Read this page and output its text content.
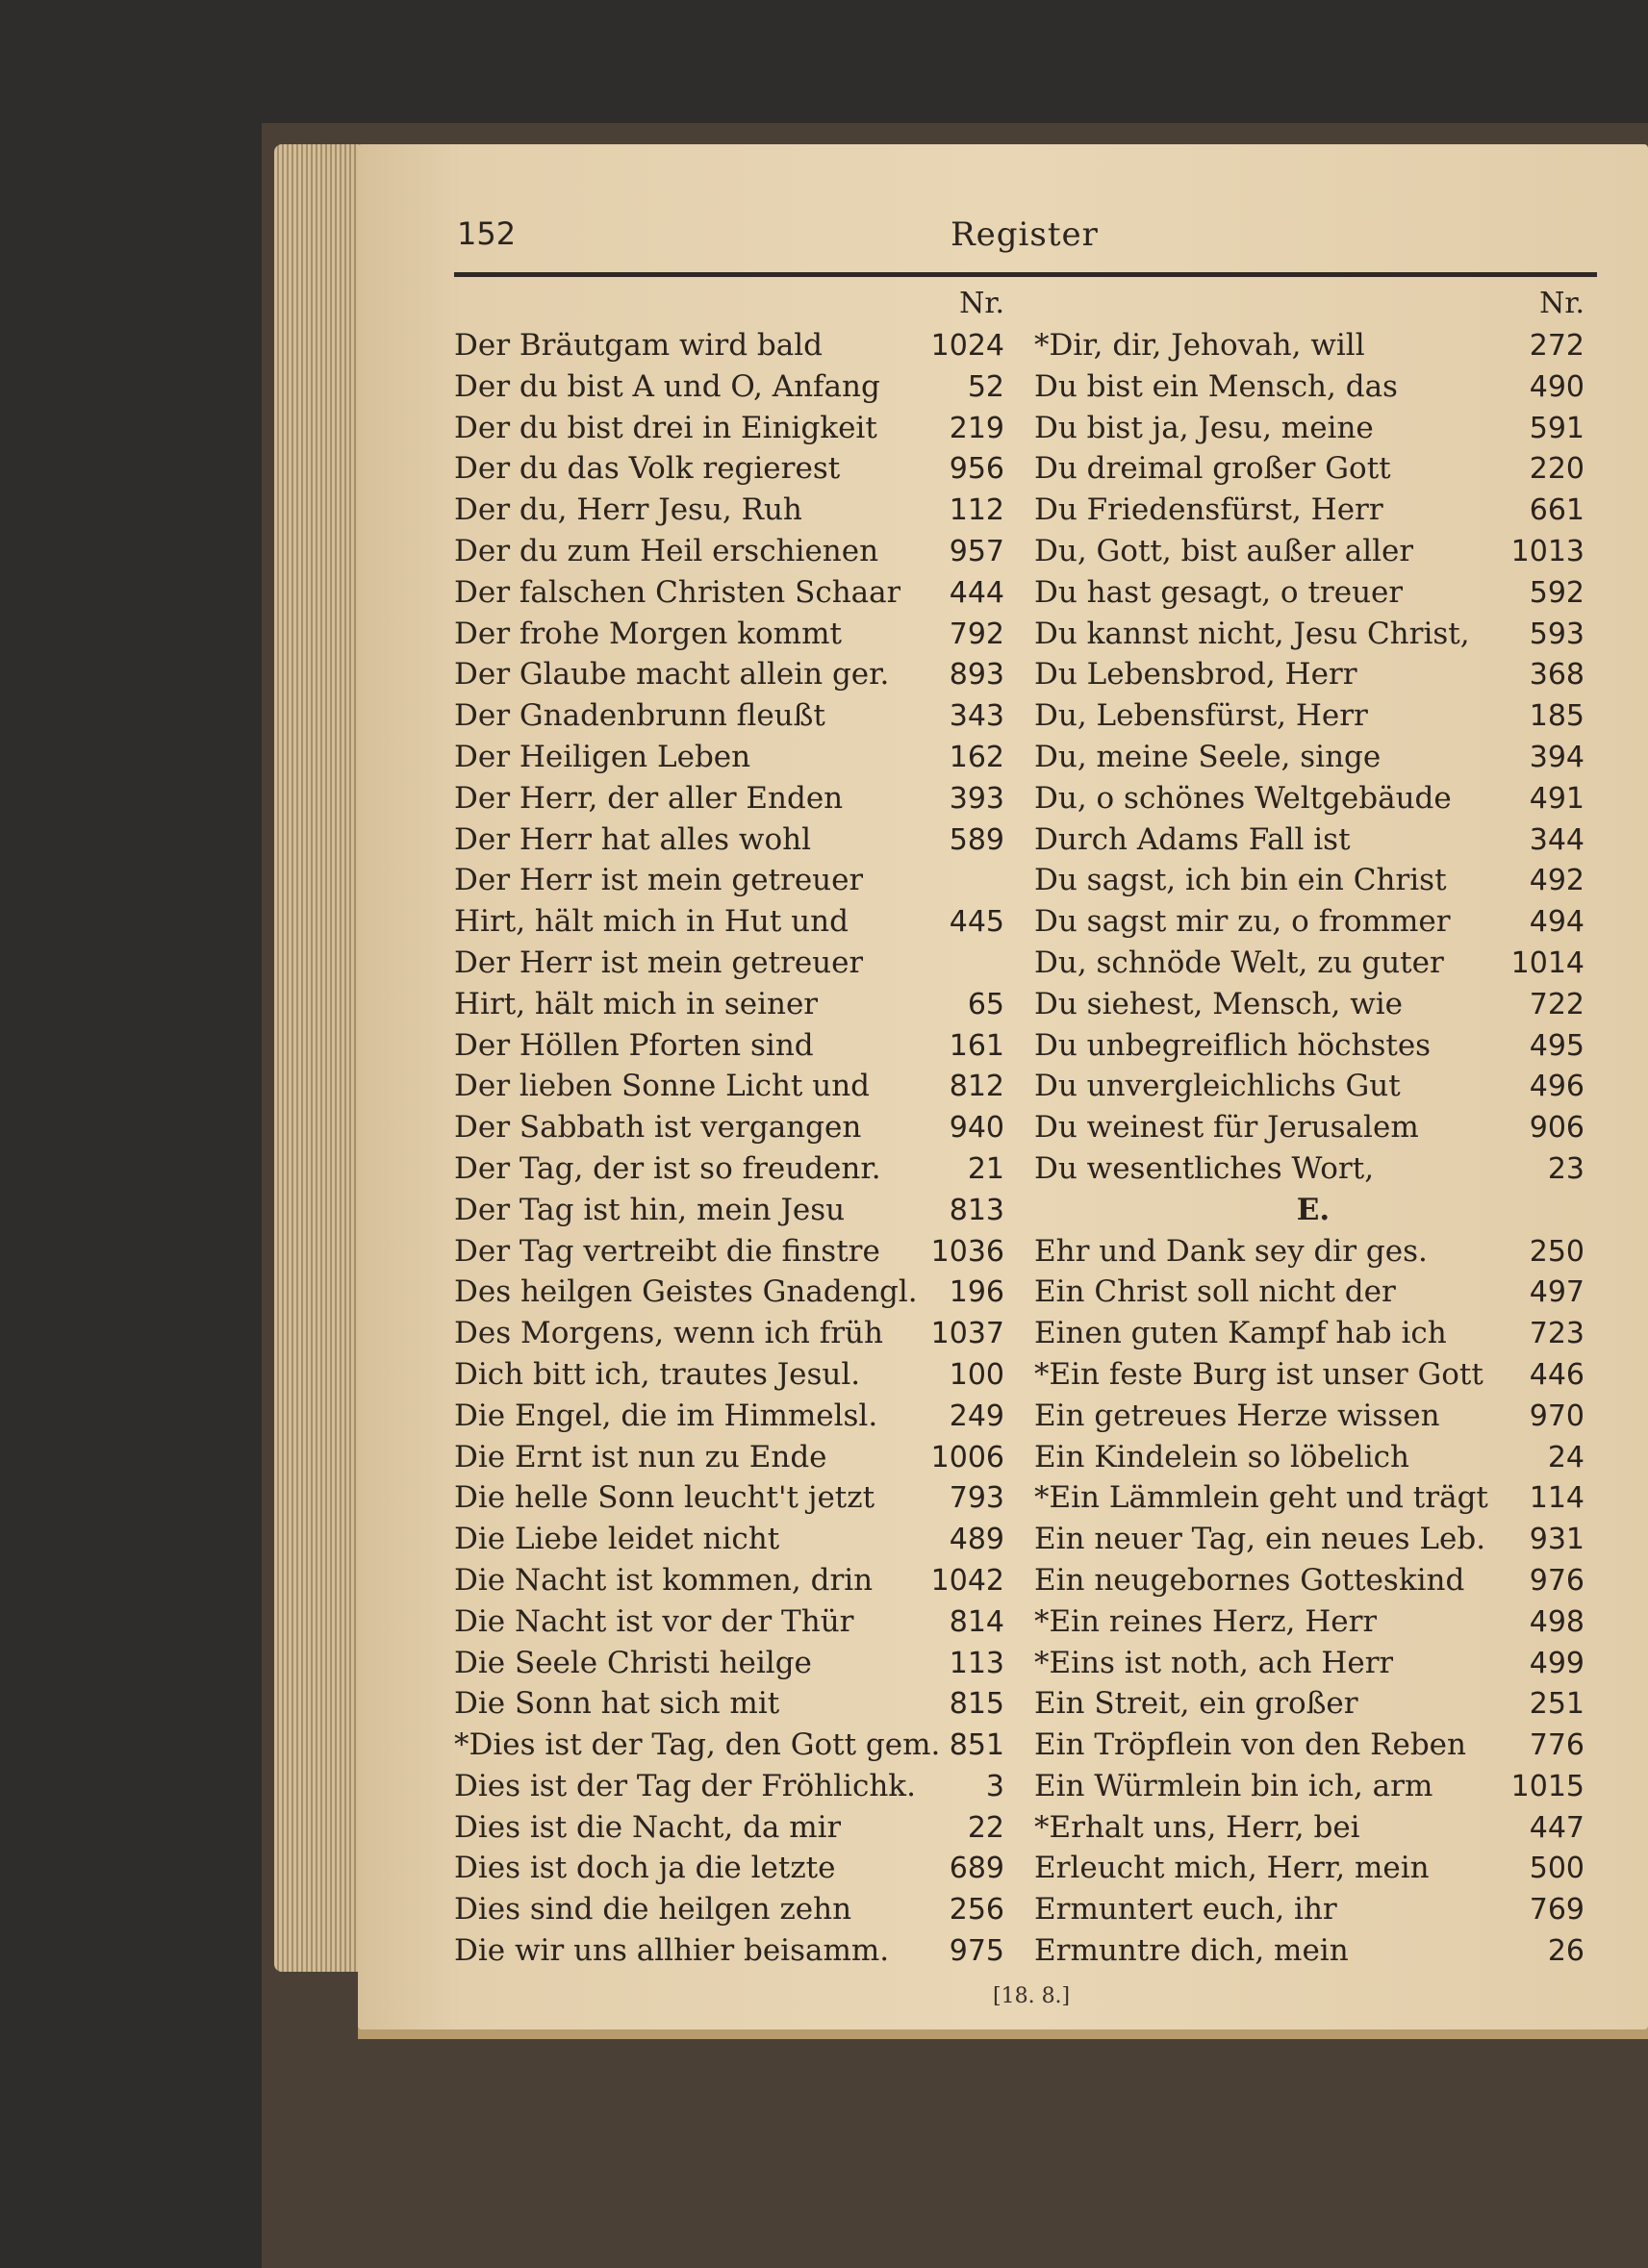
152	Register
Nr.
Der Bräutgam wird bald	1024
Der du bist A und O, Anfang	52
Der du bist drei in Einigkeit 219
Der du das Volk regierest	956
Der du, Herr Jesu, Ruh	112
Der du zum Heil erschienen 957
Der falschen Christen Schaar 444
Der frohe Morgen kommt	792
Der Glaube macht allein ger. 893
Der Gnadenbrunn fleußt	343
Der Heiligen Leben	162
Der Herr, der aller Enden	393
Der Herr hat alles wohl	589
Der Herr ist mein getreuer
Hirt, hält mich in Hut und	445
Der Herr ist mein getreuer
Hirt, hält mich in seiner	65
Der Höllen Pforten sind	161
Der lieben Sonne Licht und	812
Der Sabbath ist vergangen	940
Der Tag, der ist so freudenr.	21
Der Tag ist hin, mein Jesu	813
Der Tag vertreibt die finstre 1036
Des heilgen Geistes Gnadengl. 196
Des Morgens, wenn ich früh 1037
Dich bitt ich, trautes Jesul.	100
Die Engel, die im Himmelsl. 249
Die Ernt ist nun zu Ende	1006
Die helle Sonn leucht't jetzt	793
Die Liebe leidet nicht	489
Die Nacht ist kommen, drin 1042
Die Nacht ist vor der Thür	814
Die Seele Christi heilge	113
Die Sonn hat sich mit	815
*Dies ist der Tag, den Gott gem. 851
Dies ist der Tag der Fröhlichk. 3
Dies ist die Nacht, da mir	22
Dies ist doch ja die letzte	689
Dies sind die heilgen zehn	256
Die wir uns allhier beisamm. 975
Nr.
*Dir, dir, Jehovah, will	272
Du bist ein Mensch, das	490
Du bist ja, Jesu, meine	591
Du dreimal großer Gott	220
Du Friedensfürst, Herr	661
Du, Gott, bist außer aller	1013
Du hast gesagt, o treuer	592
Du kannst nicht, Jesu Christ, 593
Du Lebensbrod, Herr	368
Du, Lebensfürst, Herr	185
Du, meine Seele, singe	394
Du, o schönes Weltgebäude	491
Durch Adams Fall ist	344
Du sagst, ich bin ein Christ	492
Du sagst mir zu, o frommer	494
Du, schnöde Welt, zu guter 1014
Du siehest, Mensch, wie	722
Du unbegreiflich höchstes	495
Du unvergleichlichs Gut	496
Du weinest für Jerusalem	906
Du wesentliches Wort,	23
E.
Ehr und Dank sey dir ges.	250
Ein Christ soll nicht der	497
Einen guten Kampf hab ich	723
*Ein feste Burg ist unser Gott 446
Ein getreues Herze wissen	970
Ein Kindelein so löbelich	24
*Ein Lämmlein geht und trägt 114
Ein neuer Tag, ein neues Leb. 931
Ein neugebornes Gotteskind 976
*Ein reines Herz, Herr	498
*Eins ist noth, ach Herr	499
Ein Streit, ein großer	251
Ein Tröpflein von den Reben 776
Ein Würmlein bin ich, arm	1015
*Erhalt uns, Herr, bei	447
Erleucht mich, Herr, mein	500
Ermuntert euch, ihr	769
Ermuntre dich, mein	26
[18. 8.]
